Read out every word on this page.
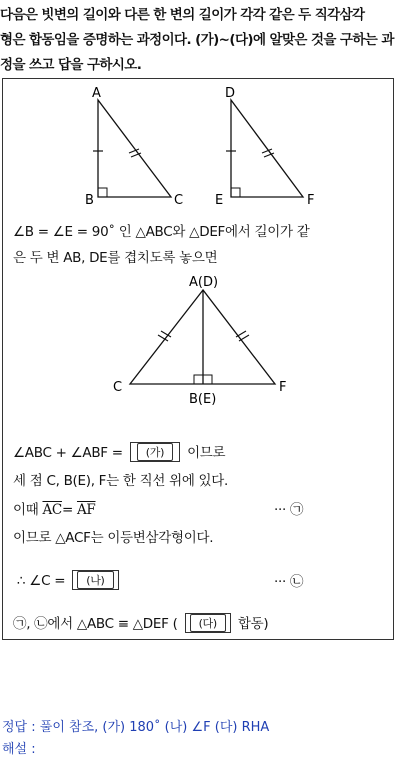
다음은 빗변의 길이와 다른 한 변의 길이가 각각 같은 두 직각삼각
형은 합동임을 증명하는 과정이다. (가)~(다)에 알맞은 것을 구하는 과
정을 쓰고 답을 구하시오.
A
B	C
D
E	F
∠B = ∠E = 90˚ 인 △ABC와 △DEF에서 길이가 같
은 두 변 AB, DE를 겹치도록 놓으면
A(D)
C
B(E)
F
∠ABC + ∠ABF = (가) 이므로
세 점 C, B(E), F는 한 직선 위에 있다.
이때 $\overline{AC}= \overline{AF}$	··· ㉠
이므로 △ACF는 이등변삼각형이다.
∴ ∠C = (나)	··· ㉡
㉠, ㉡에서 △ABC ≡ △DEF ( (다) 합동)
정답 : 풀이 참조, (가) 180˚ (나) ∠F (다) RHA
해설 :
